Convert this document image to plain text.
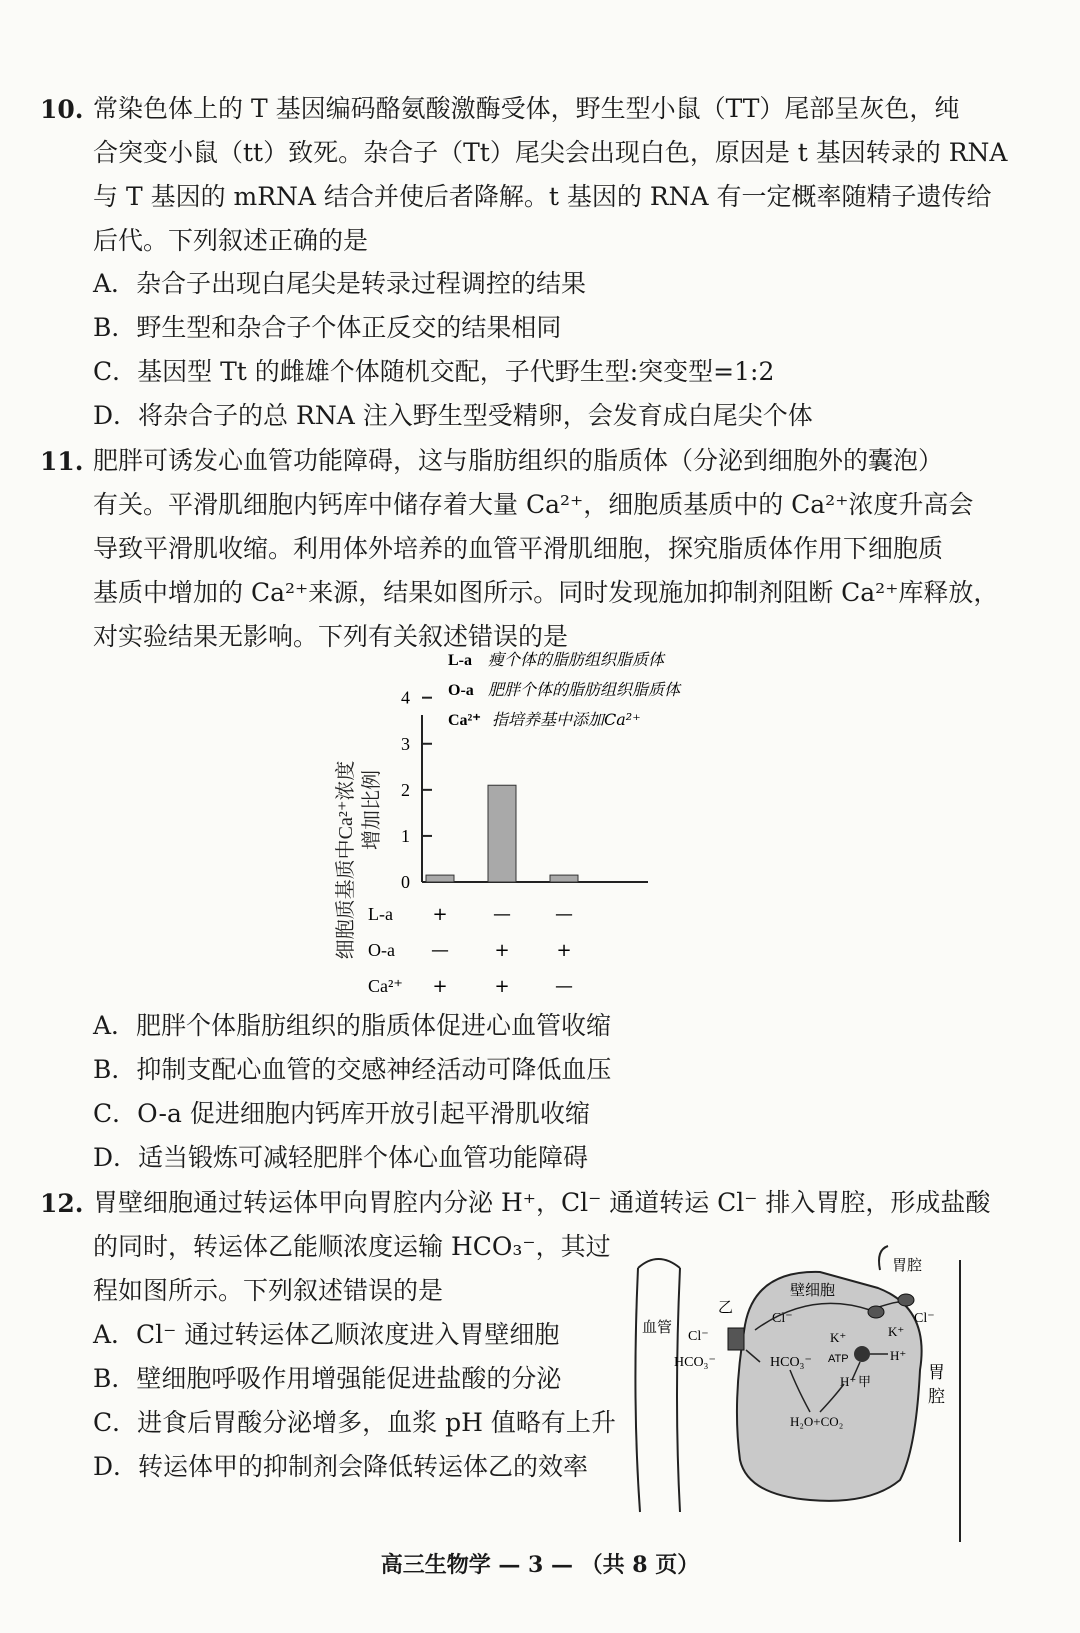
10. 常染色体上的 T 基因编码酪氨酸激酶受体，野生型小鼠（TT）尾部呈灰色，纯
合突变小鼠（tt）致死。杂合子（Tt）尾尖会出现白色，原因是 t 基因转录的 RNA
与 T 基因的 mRNA 结合并使后者降解。t 基因的 RNA 有一定概率随精子遗传给
后代。下列叙述正确的是
A．杂合子出现白尾尖是转录过程调控的结果
B．野生型和杂合子个体正反交的结果相同
C．基因型 Tt 的雌雄个体随机交配，子代野生型:突变型=1:2
D．将杂合子的总 RNA 注入野生型受精卵，会发育成白尾尖个体
11. 肥胖可诱发心血管功能障碍，这与脂肪组织的脂质体（分泌到细胞外的囊泡）
有关。平滑肌细胞内钙库中储存着大量 Ca²⁺，细胞质基质中的 Ca²⁺浓度升高会
导致平滑肌收缩。利用体外培养的血管平滑肌细胞，探究脂质体作用下细胞质
基质中增加的 Ca²⁺来源，结果如图所示。同时发现施加抑制剂阻断 Ca²⁺库释放，
对实验结果无影响。下列有关叙述错误的是
细胞质基质中Ca²⁺浓度 增加比例
0
1
2
3
4
L-a 瘦个体的脂肪组织脂质体
O-a 肥胖个体的脂肪组织脂质体
Ca²⁺ 指培养基中添加Ca²⁺
L-a +	— —
O-a —	+	+
Ca²⁺ +	+	—
A．肥胖个体脂肪组织的脂质体促进心血管收缩
B．抑制支配心血管的交感神经活动可降低血压
C．O-a 促进细胞内钙库开放引起平滑肌收缩
D．适当锻炼可减轻肥胖个体心血管功能障碍
12. 胃壁细胞通过转运体甲向胃腔内分泌 H⁺，Cl⁻ 通道转运 Cl⁻ 排入胃腔，形成盐酸
的同时，转运体乙能顺浓度运输 HCO₃⁻，其过
程如图所示。下列叙述错误的是
A．Cl⁻ 通过转运体乙顺浓度进入胃壁细胞
B．壁细胞呼吸作用增强能促进盐酸的分泌
C．进食后胃酸分泌增多，血浆 pH 值略有上升
D．转运体甲的抑制剂会降低转运体乙的效率
血管
壁细胞
胃腔
胃
腔
乙
Cl⁻
HCO₃⁻
Cl⁻
HCO₃⁻
Cl⁻
K⁺	K⁺
ATP	H⁺
H⁺ 甲
H₂O+CO₂
高三生物学 — 3 — （共 8 页）
